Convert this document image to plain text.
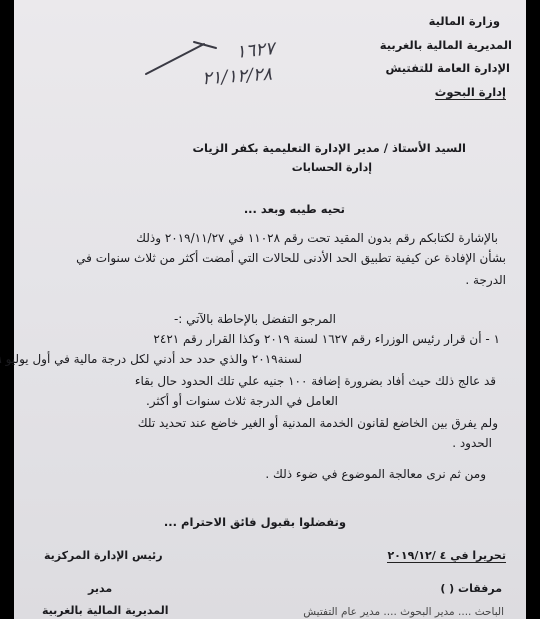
وزارة المالية
المديرية المالية بالغربية
الإدارة العامة للتفتيش
إدارة البحوث
١٦٢٧
٢١/١٢/٢٨
السيد الأستاذ / مدير الإدارة التعليمية بكفر الزيات
إدارة الحسابات
تحيه طيبه وبعد ...
بالإشارة لكتابكم رقم بدون المقيد تحت رقم ١١٠٢٨ في ٢٠١٩/١١/٢٧ وذلك
بشأن الإفادة عن كيفية تطبيق الحد الأدنى للحالات التي أمضت أكثر من ثلاث سنوات في
الدرجة .
المرجو التفضل بالإحاطة بالآتي :-
١ - أن قرار رئيس الوزراء رقم ١٦٢٧ لسنة ٢٠١٩ وكذا القرار رقم ٢٤٢١
لسنة٢٠١٩ والذي حدد حد أدني لكل درجة مالية في أول يوليو
قد عالج ذلك حيث أفاد بضرورة إضافة ١٠٠ جنيه علي تلك الحدود حال بقاء
العامل في الدرجة ثلاث سنوات أو أكثر.
ولم يفرق بين الخاضع لقانون الخدمة المدنية أو الغير خاضع عند تحديد تلك
الحدود .
ومن ثم نرى معالجة الموضوع في ضوء ذلك .
وتفضلوا بقبول فائق الاحترام ...
تحريرا في ٤ /٢٠١٩/١٢
رئيس الإدارة المركزية
مرفقات ( )
مدير
المديرية المالية بالغربية	الباحث .... مدير البحوث .... مدير عام التفتيش
